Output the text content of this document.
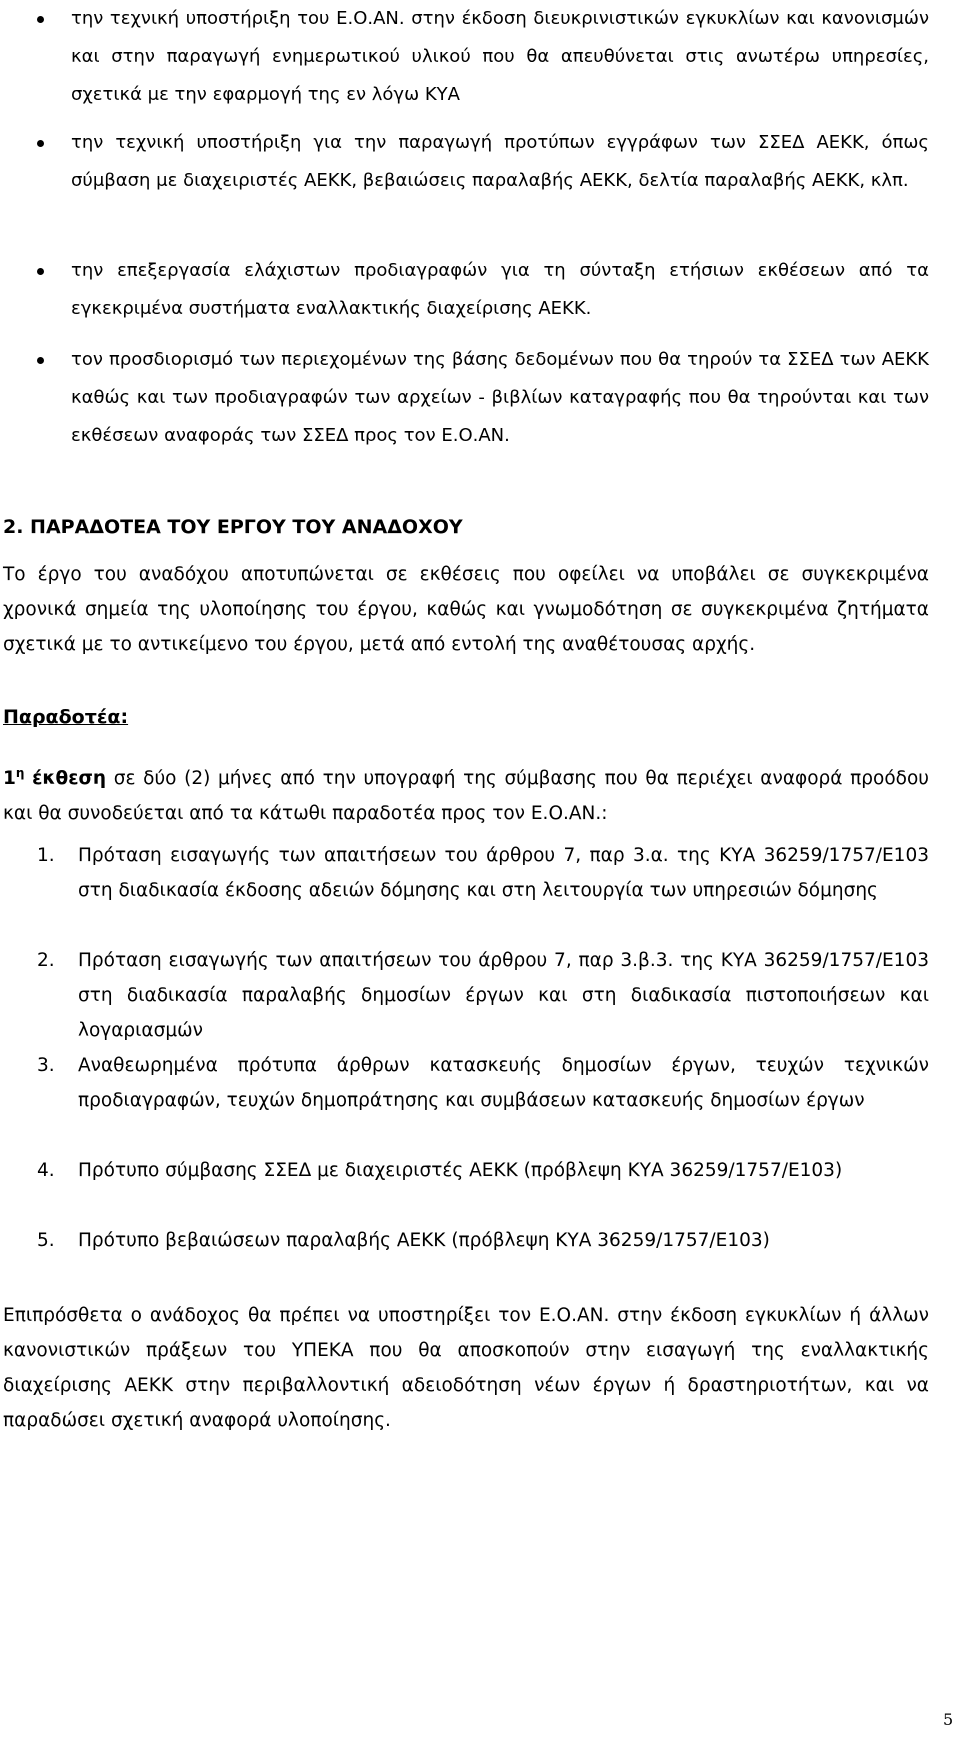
την τεχνική υποστήριξη του Ε.Ο.ΑΝ. στην έκδοση διευκρινιστικών εγκυκλίων και κανονισμών και στην παραγωγή ενημερωτικού υλικού που θα απευθύνεται στις ανωτέρω υπηρεσίες, σχετικά με την εφαρμογή της εν λόγω ΚΥΑ
την τεχνική υποστήριξη για την παραγωγή προτύπων εγγράφων των ΣΣΕΔ ΑΕΚΚ, όπως σύμβαση με διαχειριστές ΑΕΚΚ, βεβαιώσεις παραλαβής ΑΕΚΚ, δελτία παραλαβής ΑΕΚΚ, κλπ.
την επεξεργασία ελάχιστων προδιαγραφών για τη σύνταξη ετήσιων εκθέσεων από τα εγκεκριμένα συστήματα εναλλακτικής διαχείρισης ΑΕΚΚ.
τον προσδιορισμό των περιεχομένων της βάσης δεδομένων που θα τηρούν τα ΣΣΕΔ των ΑΕΚΚ καθώς και των προδιαγραφών των αρχείων - βιβλίων καταγραφής που θα τηρούνται και των εκθέσεων αναφοράς των ΣΣΕΔ προς τον Ε.Ο.ΑΝ.
2. ΠΑΡΑΔΟΤΕΑ ΤΟΥ ΕΡΓΟΥ ΤΟΥ ΑΝΑΔΟΧΟΥ
Το έργο του αναδόχου αποτυπώνεται σε εκθέσεις που οφείλει να υποβάλει σε συγκεκριμένα χρονικά σημεία της υλοποίησης του έργου, καθώς και γνωμοδότηση σε συγκεκριμένα ζητήματα σχετικά με το αντικείμενο του έργου, μετά από εντολή της αναθέτουσας αρχής.
Παραδοτέα:
$1^\eta$ έκθεση σε δύο (2) μήνες από την υπογραφή της σύμβασης που θα περιέχει αναφορά προόδου και θα συνοδεύεται από τα κάτωθι παραδοτέα προς τον Ε.Ο.ΑΝ.:
1. Πρόταση εισαγωγής των απαιτήσεων του άρθρου 7, παρ 3.α. της ΚΥΑ 36259/1757/Ε103 στη διαδικασία έκδοσης αδειών δόμησης και στη λειτουργία των υπηρεσιών δόμησης
2. Πρόταση εισαγωγής των απαιτήσεων του άρθρου 7, παρ 3.β.3. της ΚΥΑ 36259/1757/Ε103 στη διαδικασία παραλαβής δημοσίων έργων και στη διαδικασία πιστοποιήσεων και λογαριασμών
3. Αναθεωρημένα πρότυπα άρθρων κατασκευής δημοσίων έργων, τευχών τεχνικών προδιαγραφών, τευχών δημοπράτησης και συμβάσεων κατασκευής δημοσίων έργων
4. Πρότυπο σύμβασης ΣΣΕΔ με διαχειριστές ΑΕΚΚ (πρόβλεψη ΚΥΑ 36259/1757/Ε103)
5. Πρότυπο βεβαιώσεων παραλαβής ΑΕΚΚ (πρόβλεψη ΚΥΑ 36259/1757/Ε103)
Επιπρόσθετα ο ανάδοχος θα πρέπει να υποστηρίξει τον Ε.Ο.ΑΝ. στην έκδοση εγκυκλίων ή άλλων κανονιστικών πράξεων του ΥΠΕΚΑ που θα αποσκοπούν στην εισαγωγή της εναλλακτικής διαχείρισης ΑΕΚΚ στην περιβαλλοντική αδειοδότηση νέων έργων ή δραστηριοτήτων, και να παραδώσει σχετική αναφορά υλοποίησης.
5
